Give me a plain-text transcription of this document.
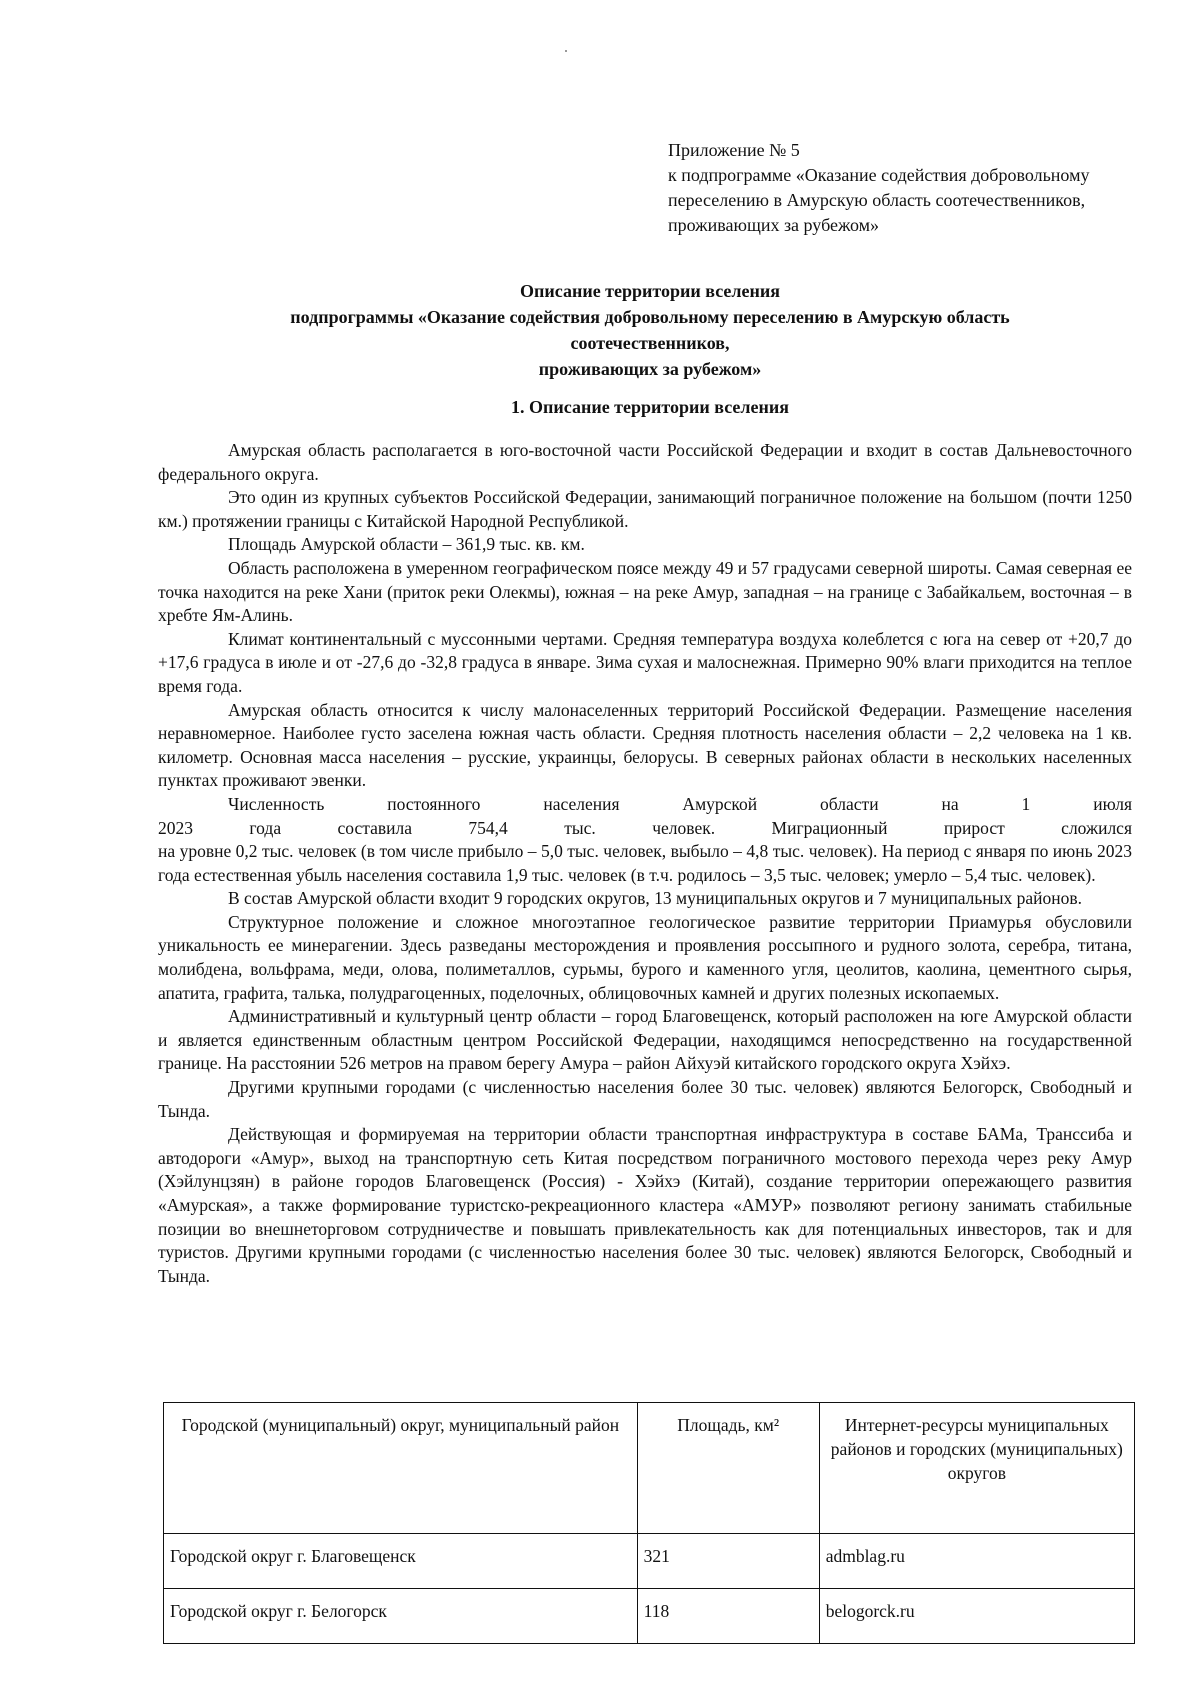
Приложение № 5
к подпрограмме «Оказание содействия добровольному
переселению в Амурскую область соотечественников,
проживающих за рубежом»
Описание территории вселения
подпрограммы «Оказание содействия добровольному переселению в Амурскую область
соотечественников,
проживающих за рубежом»
1. Описание территории вселения

Амурская область располагается в юго-восточной части Российской Федерации и входит в состав Дальневосточного федерального округа.

Это один из крупных субъектов Российской Федерации, занимающий пограничное положение на большом (почти 1250 км.) протяжении границы с Китайской Народной Республикой.

Площадь Амурской области – 361,9 тыс. кв. км.

Область расположена в умеренном географическом поясе между 49 и 57 градусами северной широты. Самая северная ее точка находится на реке Хани (приток реки Олекмы), южная – на реке Амур, западная – на границе с Забайкальем, восточная – в хребте Ям-Алинь.

Климат континентальный с муссонными чертами. Средняя температура воздуха колеблется с юга на север от +20,7 до +17,6 градуса в июле и от -27,6 до -32,8 градуса в январе. Зима сухая и малоснежная. Примерно 90% влаги приходится на теплое время года.

Амурская область относится к числу малонаселенных территорий Российской Федерации. Размещение населения неравномерное. Наиболее густо заселена южная часть области. Средняя плотность населения области – 2,2 человека на 1 кв. километр. Основная масса населения – русские, украинцы, белорусы. В северных районах области в нескольких населенных пунктах проживают эвенки.

Численность постоянного населения Амурской области на 1 июля

2023 года составила 754,4 тыс. человек. Миграционный прирост сложился

на уровне 0,2 тыс. человек (в том числе прибыло – 5,0 тыс. человек, выбыло – 4,8 тыс. человек). На период с января по июнь 2023 года естественная убыль населения составила 1,9 тыс. человек (в т.ч. родилось – 3,5 тыс. человек; умерло – 5,4 тыс. человек).

В состав Амурской области входит 9 городских округов, 13 муниципальных округов и 7 муниципальных районов.

Структурное положение и сложное многоэтапное геологическое развитие территории Приамурья обусловили уникальность ее минерагении. Здесь разведаны месторождения и проявления россыпного и рудного золота, серебра, титана, молибдена, вольфрама, меди, олова, полиметаллов, сурьмы, бурого и каменного угля, цеолитов, каолина, цементного сырья, апатита, графита, талька, полудрагоценных, поделочных, облицовочных камней и других полезных ископаемых.

Административный и культурный центр области – город Благовещенск, который расположен на юге Амурской области и является единственным областным центром Российской Федерации, находящимся непосредственно на государственной границе. На расстоянии 526 метров на правом берегу Амура – район Айхуэй китайского городского округа Хэйхэ.

Другими крупными городами (с численностью населения более 30 тыс. человек) являются Белогорск, Свободный и Тында.

Действующая и формируемая на территории области транспортная инфраструктура в составе БАМа, Транссиба и автодороги «Амур», выход на транспортную сеть Китая посредством пограничного мостового перехода через реку Амур (Хэйлунцзян) в районе городов Благовещенск (Россия) - Хэйхэ (Китай), создание территории опережающего развития «Амурская», а также формирование туристско-рекреационного кластера «АМУР» позволяют региону занимать стабильные позиции во внешнеторговом сотрудничестве и повышать привлекательность как для потенциальных инвесторов, так и для туристов. Другими крупными городами (с численностью населения более 30 тыс. человек) являются Белогорск, Свободный и Тында.

Городской (муниципальный) округ, муниципальный район	Площадь, км²	Интернет-ресурсы муниципальных районов и городских (муниципальных) округов
Городской округ г. Благовещенск	321	admblag.ru
Городской округ г. Белогорск	118	belogorck.ru
